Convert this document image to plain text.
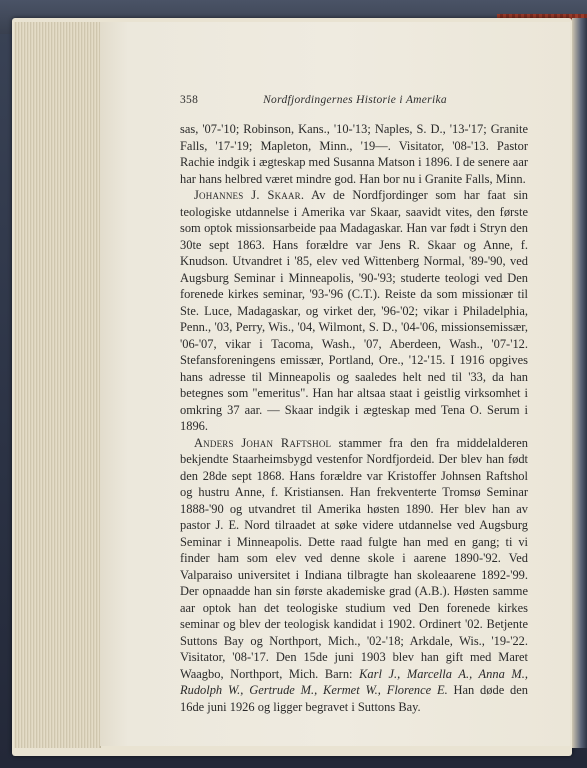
358	Nordfjordingernes Historie i Amerika

sas, '07-'10; Robinson, Kans., '10-'13; Naples, S. D., '13-'17; Granite Falls, '17-'19; Mapleton, Minn., '19—. Visitator, '08-'13. Pastor Rachie indgik i ægteskap med Susanna Matson i 1896. I de senere aar har hans helbred været mindre god. Han bor nu i Granite Falls, Minn.

Johannes J. Skaar. Av de Nordfjordinger som har faat sin teologiske utdannelse i Amerika var Skaar, saavidt vites, den første som optok missionsarbeide paa Madagaskar. Han var født i Stryn den 30te sept 1863. Hans forældre var Jens R. Skaar og Anne, f. Knudson. Utvandret i '85, elev ved Wittenberg Normal, '89-'90, ved Augsburg Seminar i Minneapolis, '90-'93; studerte teologi ved Den forenede kirkes seminar, '93-'96 (C.T.). Reiste da som missionær til Ste. Luce, Madagaskar, og virket der, '96-'02; vikar i Philadelphia, Penn., '03, Perry, Wis., '04, Wilmont, S. D., '04-'06, missionsemissær, '06-'07, vikar i Tacoma, Wash., '07, Aberdeen, Wash., '07-'12. Stefansforeningens emissær, Portland, Ore., '12-'15. I 1916 opgives hans adresse til Minneapolis og saaledes helt ned til '33, da han betegnes som "emeritus". Han har altsaa staat i geistlig virksomhet i omkring 37 aar. — Skaar indgik i ægteskap med Tena O. Serum i 1896.

Anders Johan Raftshol stammer fra den fra middelalderen bekjendte Staarheimsbygd vestenfor Nordfjordeid. Der blev han født den 28de sept 1868. Hans forældre var Kristoffer Johnsen Raftshol og hustru Anne, f. Kristiansen. Han frekventerte Tromsø Seminar 1888-'90 og utvandret til Amerika høsten 1890. Her blev han av pastor J. E. Nord tilraadet at søke videre utdannelse ved Augsburg Seminar i Minneapolis. Dette raad fulgte han med en gang; ti vi finder ham som elev ved denne skole i aarene 1890-'92. Ved Valparaiso universitet i Indiana tilbragte han skoleaarene 1892-'99. Der opnaadde han sin første akademiske grad (A.B.). Høsten samme aar optok han det teologiske studium ved Den forenede kirkes seminar og blev der teologisk kandidat i 1902. Ordinert '02. Betjente Suttons Bay og Northport, Mich., '02-'18; Arkdale, Wis., '19-'22. Visitator, '08-'17. Den 15de juni 1903 blev han gift med Maret Waagbo, Northport, Mich. Barn: Karl J., Marcella A., Anna M., Rudolph W., Gertrude M., Kermet W., Florence E. Han døde den 16de juni 1926 og ligger begravet i Suttons Bay.
